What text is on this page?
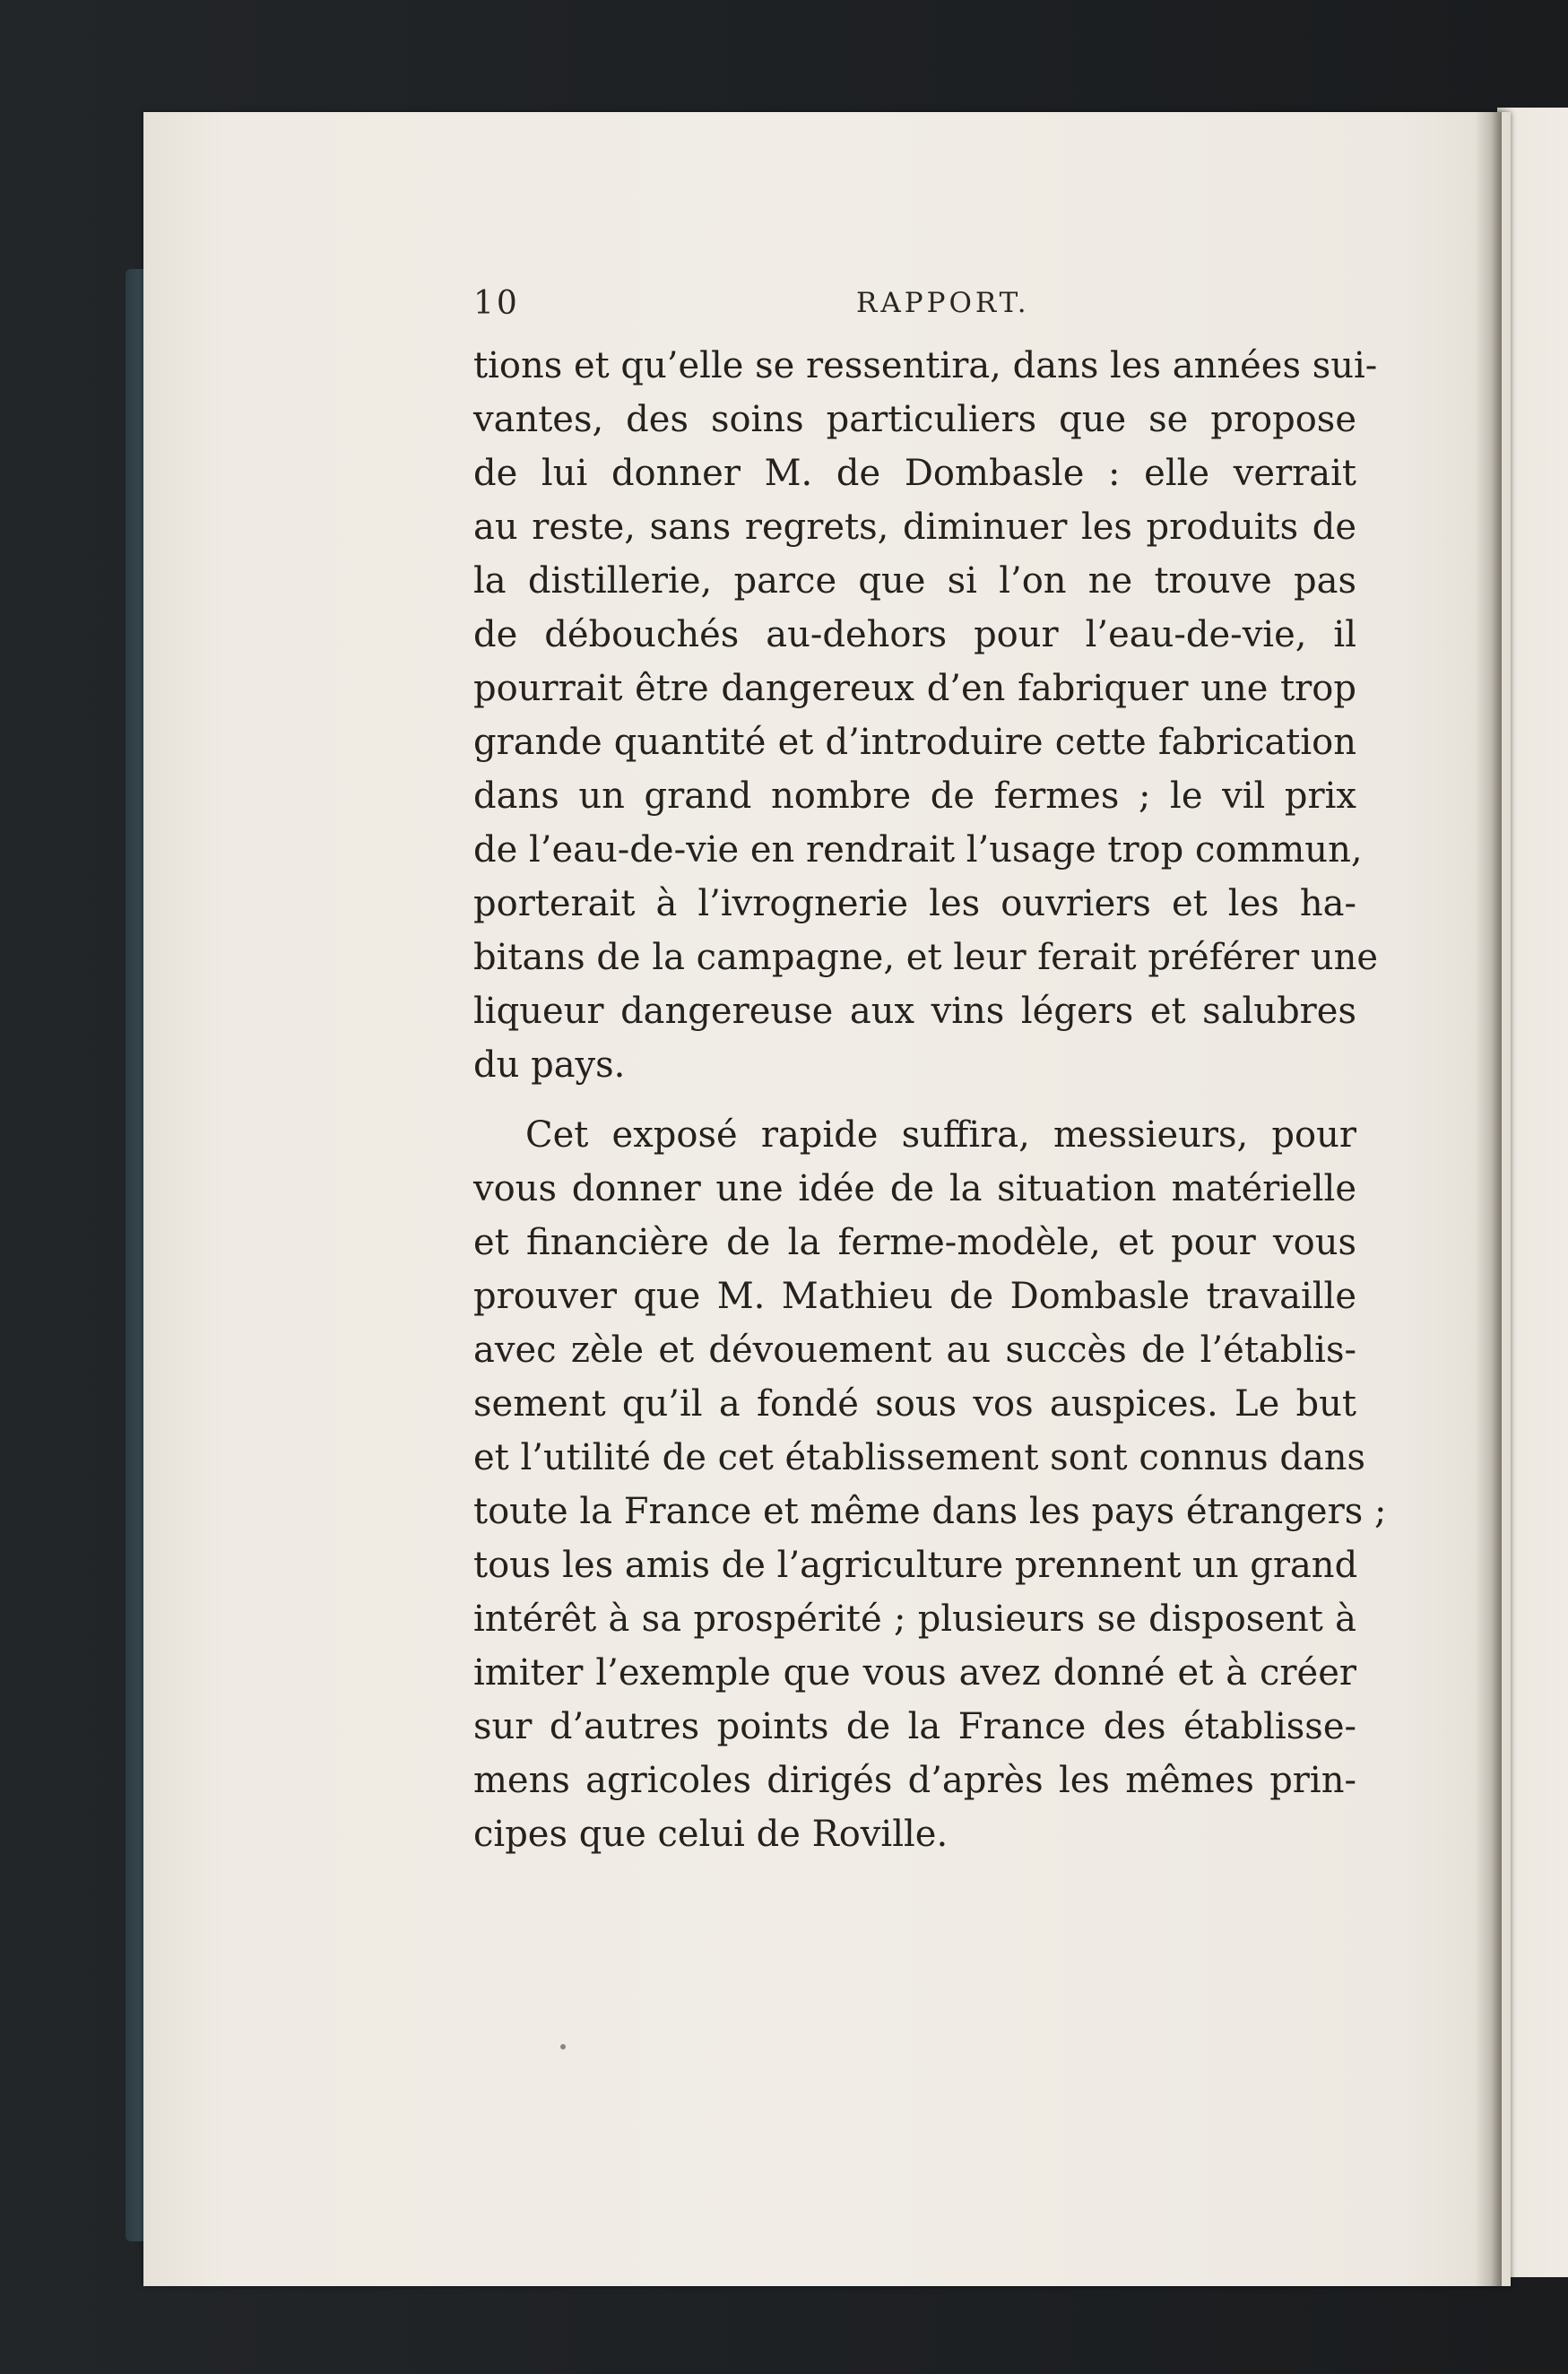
10	RAPPORT.
tions et qu’elle se ressentira, dans les années sui-
vantes, des soins particuliers que se propose
de lui donner M. de Dombasle : elle verrait
au reste, sans regrets, diminuer les produits de
la distillerie, parce que si l’on ne trouve pas
de débouchés au-dehors pour l’eau-de-vie, il
pourrait être dangereux d’en fabriquer une trop
grande quantité et d’introduire cette fabrication
dans un grand nombre de fermes ; le vil prix
de l’eau-de-vie en rendrait l’usage trop commun,
porterait à l’ivrognerie les ouvriers et les ha-
bitans de la campagne, et leur ferait préférer une
liqueur dangereuse aux vins légers et salubres
du pays.
Cet exposé rapide suffira, messieurs, pour
vous donner une idée de la situation matérielle
et financière de la ferme-modèle, et pour vous
prouver que M. Mathieu de Dombasle travaille
avec zèle et dévouement au succès de l’établis-
sement qu’il a fondé sous vos auspices. Le but
et l’utilité de cet établissement sont connus dans
toute la France et même dans les pays étrangers ;
tous les amis de l’agriculture prennent un grand
intérêt à sa prospérité ; plusieurs se disposent à
imiter l’exemple que vous avez donné et à créer
sur d’autres points de la France des établisse-
mens agricoles dirigés d’après les mêmes prin-
cipes que celui de Roville.
